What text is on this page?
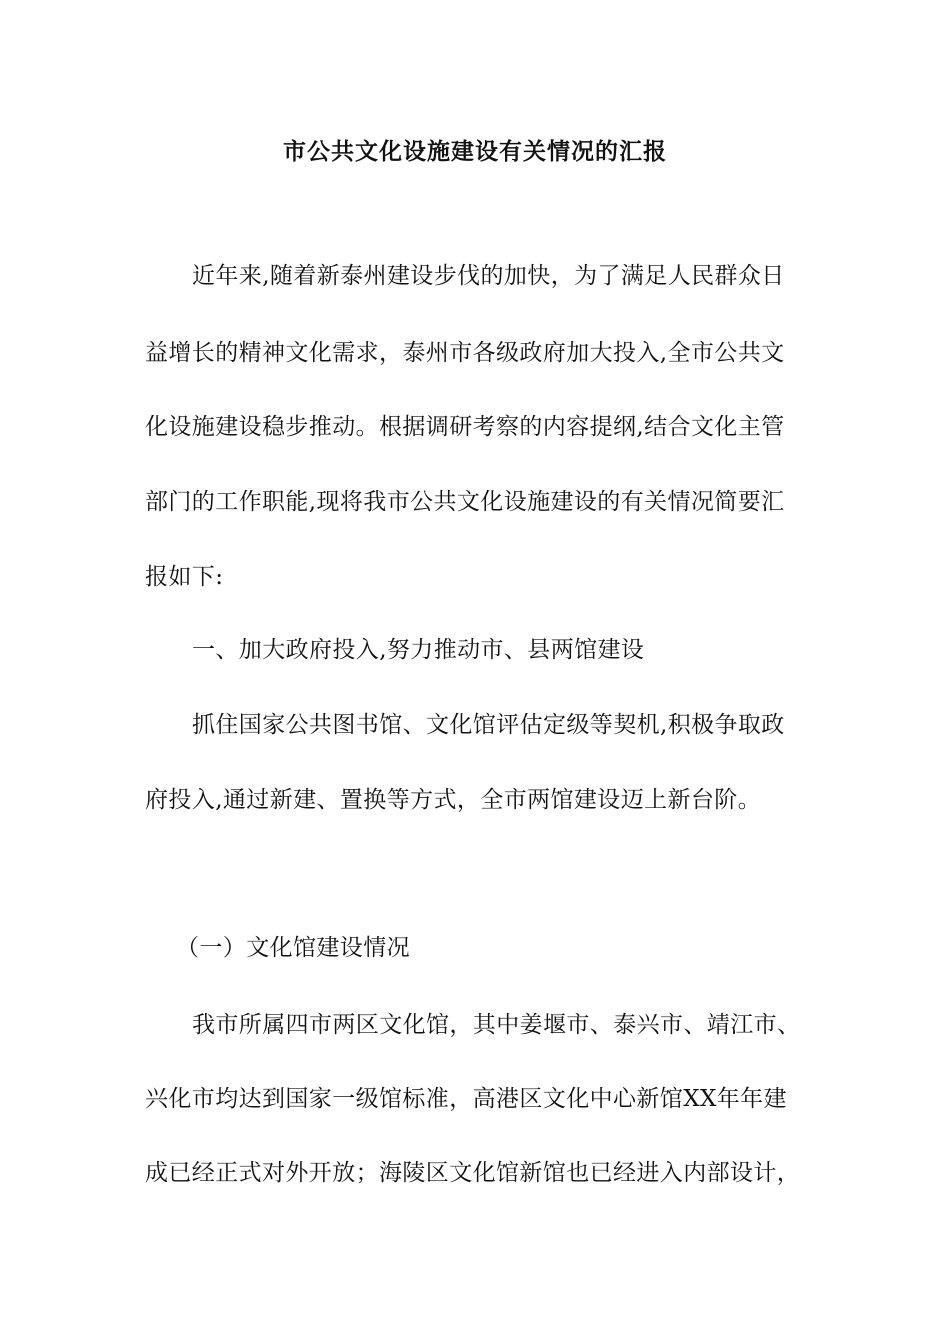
市公共文化设施建设有关情况的汇报
近年来,随着新泰州建设步伐的加快，为了满足人民群众日
益增长的精神文化需求，泰州市各级政府加大投入,全市公共文
化设施建设稳步推动。根据调研考察的内容提纲,结合文化主管
部门的工作职能,现将我市公共文化设施建设的有关情况简要汇
报如下:
一、加大政府投入,努力推动市、县两馆建设
抓住国家公共图书馆、文化馆评估定级等契机,积极争取政
府投入,通过新建、置换等方式，全市两馆建设迈上新台阶。
（一）文化馆建设情况
我市所属四市两区文化馆，其中姜堰市、泰兴市、靖江市、
兴化市均达到国家一级馆标准，高港区文化中心新馆XX年年建
成已经正式对外开放；海陵区文化馆新馆也已经进入内部设计，
